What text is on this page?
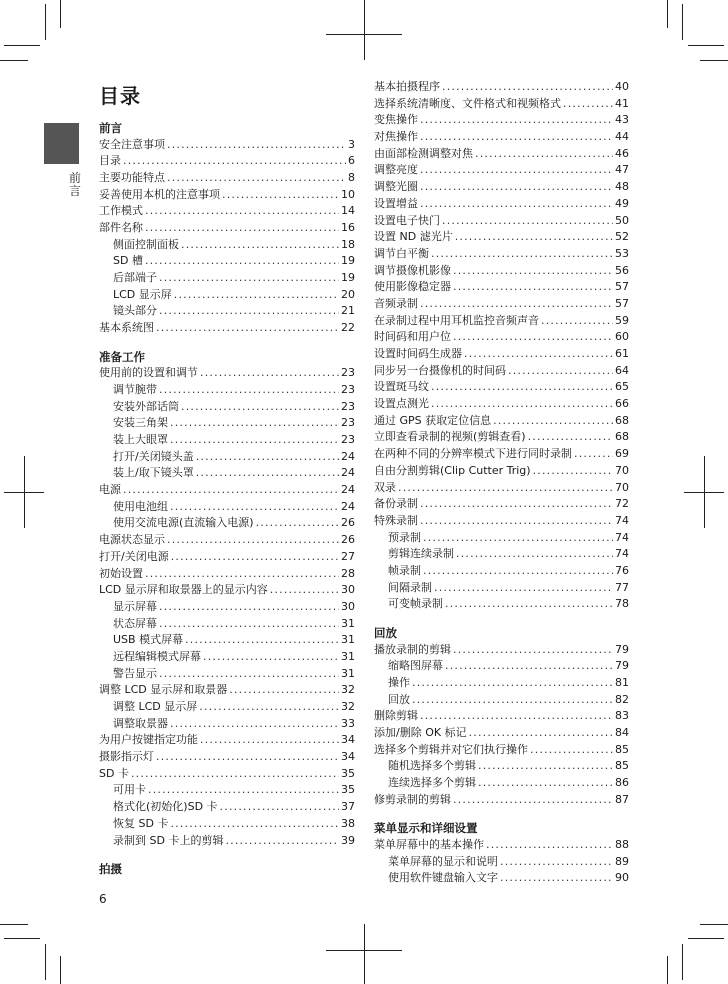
前言
目录
前言
安全注意事项 .....	3
目录 .....	6
主要功能特点 .....	8
妥善使用本机的注意事项 .....	10
工作模式 .....	14
部件名称 .....	16
侧面控制面板 .....	18
SD 槽 .....	19
后部端子 .....	19
LCD 显示屏 .....	20
镜头部分 .....	21
基本系统图 .....	22
准备工作
使用前的设置和调节 .....	23
调节腕带 .....	23
安装外部话筒 .....	23
安装三角架 .....	23
装上大眼罩 .....	23
打开/关闭镜头盖 .....	24
装上/取下镜头罩 .....	24
电源 .....	24
使用电池组 .....	24
使用交流电源(直流输入电源) .....	26
电源状态显示 .....	26
打开/关闭电源 .....	27
初始设置 .....	28
LCD 显示屏和取景器上的显示内容 .....	30
显示屏幕 .....	30
状态屏幕 .....	31
USB 模式屏幕 .....	31
远程编辑模式屏幕 .....	31
警告显示 .....	31
调整 LCD 显示屏和取景器 .....	32
调整 LCD 显示屏 .....	32
调整取景器 .....	33
为用户按键指定功能 .....	34
摄影指示灯 .....	34
SD 卡 .....	35
可用卡 .....	35
格式化(初始化)SD 卡 .....	37
恢复 SD 卡 .....	38
录制到 SD 卡上的剪辑 .....	39
拍摄
基本拍摄程序 .....	40
选择系统清晰度、文件格式和视频格式 .....	41
变焦操作 .....	43
对焦操作 .....	44
由面部检测调整对焦 .....	46
调整亮度 .....	47
调整光圈 .....	48
设置增益 .....	49
设置电子快门 .....	50
设置 ND 滤光片 .....	52
调节白平衡 .....	53
调节摄像机影像 .....	56
使用影像稳定器 .....	57
音频录制 .....	57
在录制过程中用耳机监控音频声音 .....	59
时间码和用户位 .....	60
设置时间码生成器 .....	61
同步另一台摄像机的时间码 .....	64
设置斑马纹 .....	65
设置点测光 .....	66
通过 GPS 获取定位信息 .....	68
立即查看录制的视频(剪辑查看) .....	68
在两种不同的分辨率模式下进行同时录制 .....	69
自由分割剪辑(Clip Cutter Trig) .....	70
双录 .....	70
备份录制 .....	72
特殊录制 .....	74
预录制 .....	74
剪辑连续录制 .....	74
帧录制 .....	76
间隔录制 .....	77
可变帧录制 .....	78
回放
播放录制的剪辑 .....	79
缩略图屏幕 .....	79
操作 .....	81
回放 .....	82
删除剪辑 .....	83
添加/删除 OK 标记 .....	84
选择多个剪辑并对它们执行操作 .....	85
随机选择多个剪辑 .....	85
连续选择多个剪辑 .....	86
修剪录制的剪辑 .....	87
菜单显示和详细设置
菜单屏幕中的基本操作 .....	88
菜单屏幕的显示和说明 .....	89
使用软件键盘输入文字 .....	90
6
